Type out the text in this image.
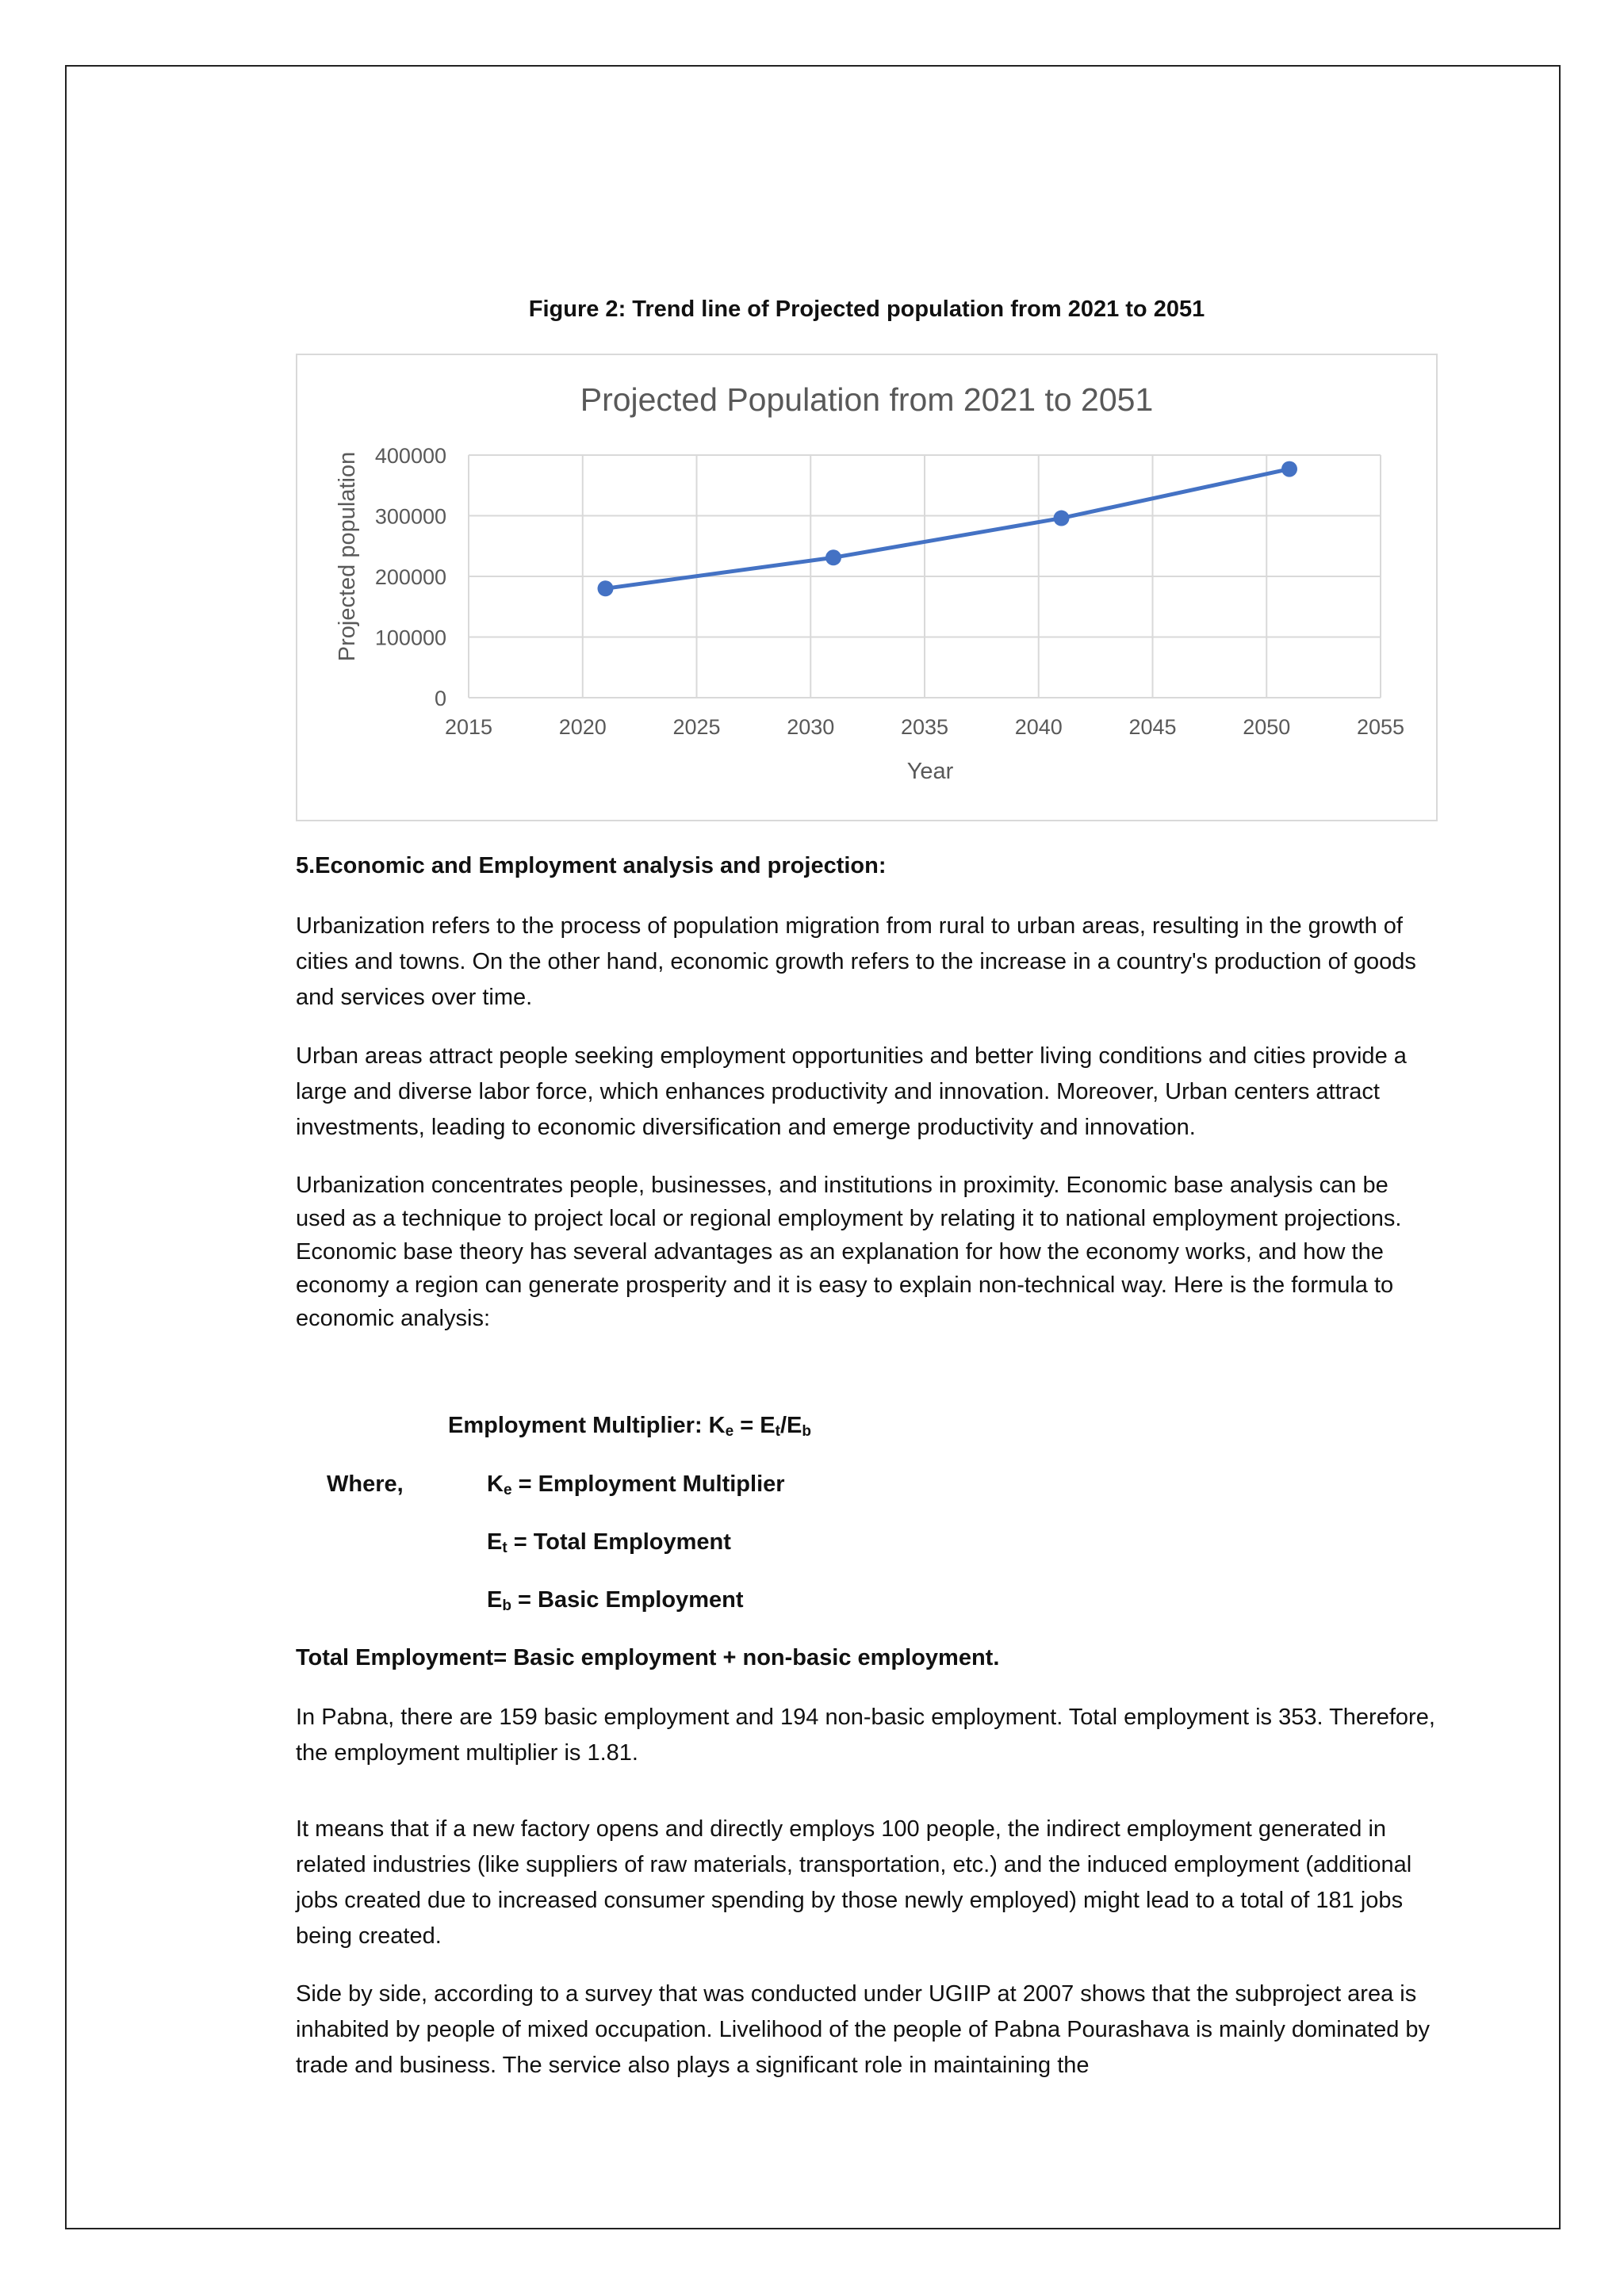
Figure 2: Trend line of Projected population from 2021 to 2051
Projected Population from 2021 to 2051
Projected population
Year
2015	2020	2025	2030	2035	2040	2045	2050	2055
0
100000
200000
300000
400000
5.Economic and Employment analysis and projection:

Urbanization refers to the process of population migration from rural to urban areas, resulting in the growth of cities and towns. On the other hand, economic growth refers to the increase in a country's production of goods and services over time.

Urban areas attract people seeking employment opportunities and better living conditions and cities provide a large and diverse labor force, which enhances productivity and innovation. Moreover, Urban centers attract investments, leading to economic diversification and emerge productivity and innovation.

Urbanization concentrates people, businesses, and institutions in proximity. Economic base analysis can be used as a technique to project local or regional employment by relating it to national employment projections. Economic base theory has several advantages as an explanation for how the economy works, and how the economy a region can generate prosperity and it is easy to explain non-technical way. Here is the formula to economic analysis:

Employment Multiplier: $K_e = E_t/E_b$
Where,	$K_e$ = Employment Multiplier
$E_t$ = Total Employment
$E_b$ = Basic Employment
Total Employment= Basic employment + non-basic employment.

In Pabna, there are 159 basic employment and 194 non-basic employment. Total employment is 353. Therefore, the employment multiplier is 1.81.

It means that if a new factory opens and directly employs 100 people, the indirect employment generated in related industries (like suppliers of raw materials, transportation, etc.) and the induced employment (additional jobs created due to increased consumer spending by those newly employed) might lead to a total of 181 jobs being created.

Side by side, according to a survey that was conducted under UGIIP at 2007 shows that the subproject area is inhabited by people of mixed occupation. Livelihood of the people of Pabna Pourashava is mainly dominated by trade and business. The service also plays a significant role in maintaining the
